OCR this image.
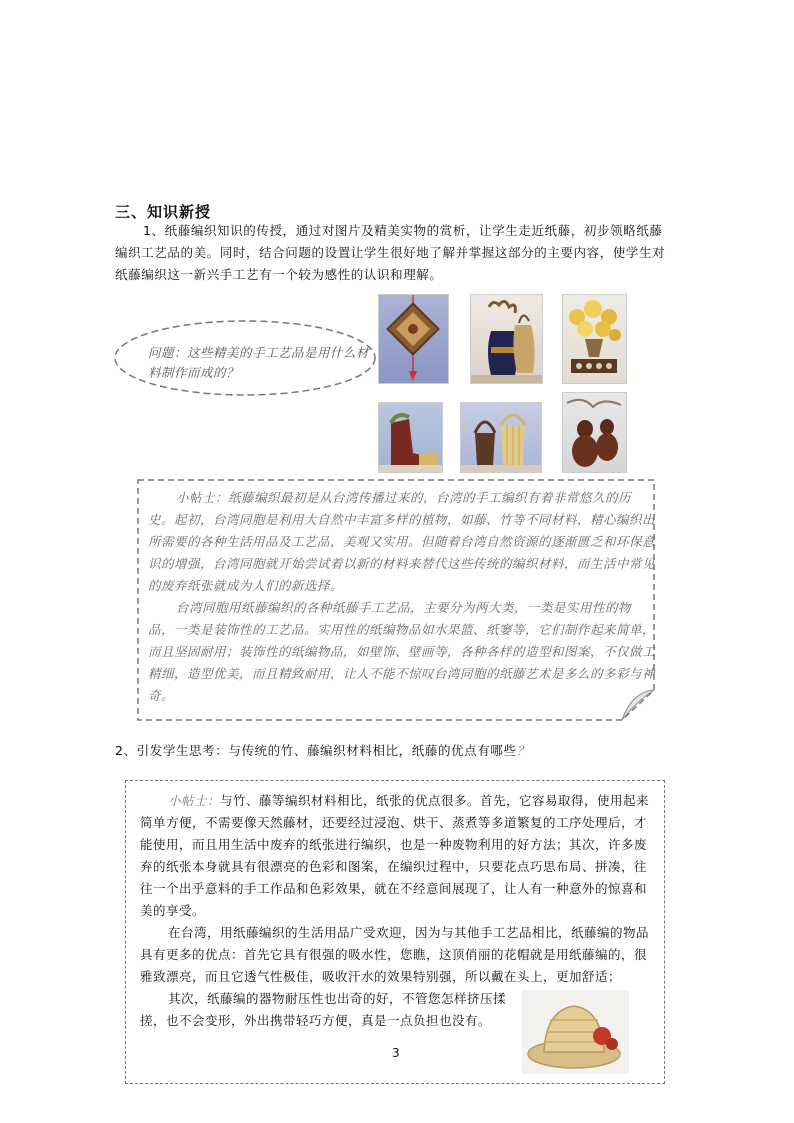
三、知识新授
1、纸藤编织知识的传授，通过对图片及精美实物的赏析，让学生走近纸藤，初步领略纸藤编织工艺品的美。同时，结合问题的设置让学生很好地了解并掌握这部分的主要内容，使学生对纸藤编织这一新兴手工艺有一个较为感性的认识和理解。
问题：这些精美的手工艺品是用什么材料制作而成的？

小帖士：纸藤编织最初是从台湾传播过来的，台湾的手工编织有着非常悠久的历史。起初，台湾同胞是利用大自然中丰富多样的植物，如藤、竹等不同材料，精心编织出所需要的各种生活用品及工艺品，美观又实用。但随着台湾自然资源的逐渐匮乏和环保意识的增强，台湾同胞就开始尝试着以新的材料来替代这些传统的编织材料，而生活中常见的废弃纸张就成为人们的新选择。

台湾同胞用纸藤编织的各种纸藤手工艺品，主要分为两大类，一类是实用性的物品，一类是装饰性的工艺品。实用性的纸编物品如水果篮、纸窭等，它们制作起来简单，而且坚固耐用；装饰性的纸编物品，如壁饰、壁画等，各种各样的造型和图案，不仅做工精细，造型优美，而且精致耐用，让人不能不惊叹台湾同胞的纸藤艺术是多么的多彩与神奇。

2、引发学生思考：与传统的竹、藤编织材料相比，纸藤的优点有哪些？

小帖士：与竹、藤等编织材料相比，纸张的优点很多。首先，它容易取得，使用起来简单方便，不需要像天然藤材，还要经过浸泡、烘干、蒸煮等多道繁复的工序处理后，才能使用，而且用生活中废弃的纸张进行编织，也是一种废物利用的好方法；其次，许多废弃的纸张本身就具有很漂亮的色彩和图案，在编织过程中，只要花点巧思布局、拼凑，往往一个出乎意料的手工作品和色彩效果，就在不经意间展现了，让人有一种意外的惊喜和美的享受。

在台湾，用纸藤编织的生活用品广受欢迎，因为与其他手工艺品相比，纸藤编的物品具有更多的优点：首先它具有很强的吸水性，您瞧，这顶俏丽的花帽就是用纸藤编的，很雅致漂亮，而且它透气性极佳，吸收汗水的效果特别强，所以戴在头上，更加舒适；

其次，纸藤编的器物耐压性也出奇的好，不管您怎样挤压揉搓，也不会变形，外出携带轻巧方便，真是一点负担也没有。

3
